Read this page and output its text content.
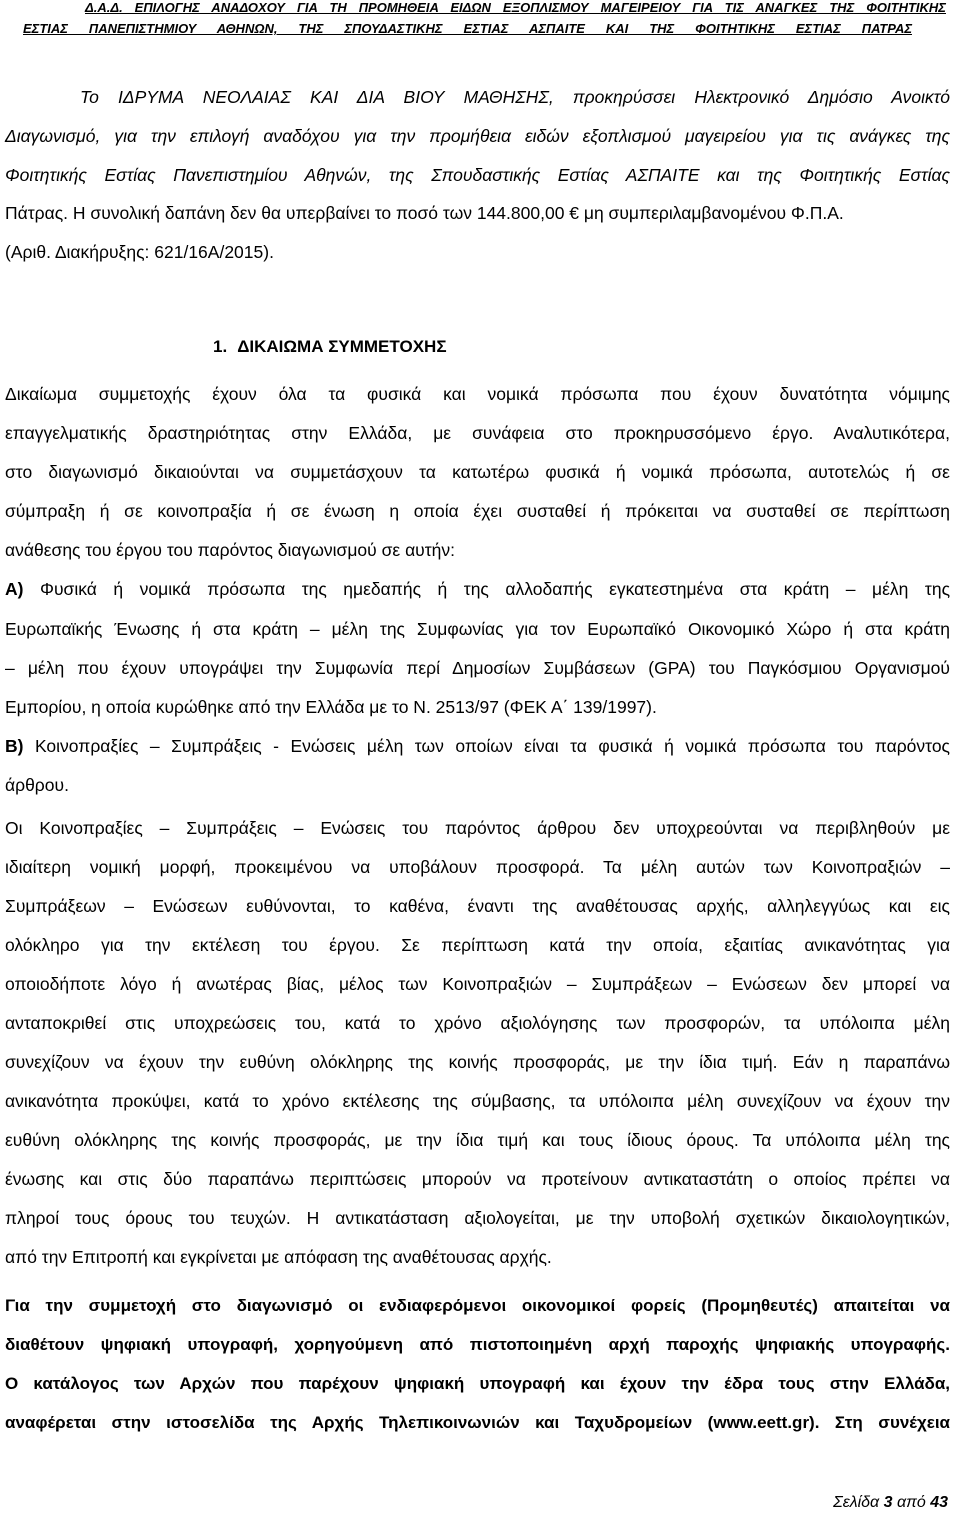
Δ.Α.Δ. ΕΠΙΛΟΓΗΣ ΑΝΑΔΟΧΟΥ ΓΙΑ ΤΗ ΠΡΟΜΗΘΕΙΑ ΕΙΔΩΝ ΕΞΟΠΛΙΣΜΟΥ ΜΑΓΕΙΡΕΙΟΥ ΓΙΑ ΤΙΣ ΑΝΑΓΚΕΣ ΤΗΣ ΦΟΙΤΗΤΙΚΗΣ
ΕΣΤΙΑΣ ΠΑΝΕΠΙΣΤΗΜΙΟΥ ΑΘΗΝΩΝ, ΤΗΣ ΣΠΟΥΔΑΣΤΙΚΗΣ ΕΣΤΙΑΣ ΑΣΠΑΙΤΕ ΚΑΙ ΤΗΣ ΦΟΙΤΗΤΙΚΗΣ ΕΣΤΙΑΣ ΠΑΤΡΑΣ
Το ΙΔΡΥΜΑ ΝΕΟΛΑΙΑΣ ΚΑΙ ΔΙΑ ΒΙΟΥ ΜΑΘΗΣΗΣ, προκηρύσσει Ηλεκτρονικό Δημόσιο Ανοικτό
Διαγωνισμό, για την επιλογή αναδόχου για την προμήθεια ειδών εξοπλισμού μαγειρείου για τις ανάγκες της
Φοιτητικής Εστίας Πανεπιστημίου Αθηνών, της Σπουδαστικής Εστίας ΑΣΠΑΙΤΕ και της Φοιτητικής Εστίας
Πάτρας. Η συνολική δαπάνη δεν θα υπερβαίνει το ποσό των 144.800,00 € μη συμπεριλαμβανομένου Φ.Π.Α.
(Αριθ. Διακήρυξης: 621/16Α/2015).
1. ΔΙΚΑΙΩΜΑ ΣΥΜΜΕΤΟΧΗΣ
Δικαίωμα συμμετοχής έχουν όλα τα φυσικά και νομικά πρόσωπα που έχουν δυνατότητα νόμιμης
επαγγελματικής δραστηριότητας στην Ελλάδα, με συνάφεια στο προκηρυσσόμενο έργο. Αναλυτικότερα,
στο διαγωνισμό δικαιούνται να συμμετάσχουν τα κατωτέρω φυσικά ή νομικά πρόσωπα, αυτοτελώς ή σε
σύμπραξη ή σε κοινοπραξία ή σε ένωση η οποία έχει συσταθεί ή πρόκειται να συσταθεί σε περίπτωση
ανάθεσης του έργου του παρόντος διαγωνισμού σε αυτήν:
Α) Φυσικά ή νομικά πρόσωπα της ημεδαπής ή της αλλοδαπής εγκατεστημένα στα κράτη – μέλη της
Ευρωπαϊκής Ένωσης ή στα κράτη – μέλη της Συμφωνίας για τον Ευρωπαϊκό Οικονομικό Χώρο ή στα κράτη
– μέλη που έχουν υπογράψει την Συμφωνία περί Δημοσίων Συμβάσεων (GPA) του Παγκόσμιου Οργανισμού
Εμπορίου, η οποία κυρώθηκε από την Ελλάδα με το Ν. 2513/97 (ΦΕΚ Α΄ 139/1997).
Β) Κοινοπραξίες – Συμπράξεις - Ενώσεις μέλη των οποίων είναι τα φυσικά ή νομικά πρόσωπα του παρόντος
άρθρου.
Οι Κοινοπραξίες – Συμπράξεις – Ενώσεις του παρόντος άρθρου δεν υποχρεούνται να περιβληθούν με
ιδιαίτερη νομική μορφή, προκειμένου να υποβάλουν προσφορά. Τα μέλη αυτών των Κοινοπραξιών –
Συμπράξεων – Ενώσεων ευθύνονται, το καθένα, έναντι της αναθέτουσας αρχής, αλληλεγγύως και εις
ολόκληρο για την εκτέλεση του έργου. Σε περίπτωση κατά την οποία, εξαιτίας ανικανότητας για
οποιοδήποτε λόγο ή ανωτέρας βίας, μέλος των Κοινοπραξιών – Συμπράξεων – Ενώσεων δεν μπορεί να
ανταποκριθεί στις υποχρεώσεις του, κατά το χρόνο αξιολόγησης των προσφορών, τα υπόλοιπα μέλη
συνεχίζουν να έχουν την ευθύνη ολόκληρης της κοινής προσφοράς, με την ίδια τιμή. Εάν η παραπάνω
ανικανότητα προκύψει, κατά το χρόνο εκτέλεσης της σύμβασης, τα υπόλοιπα μέλη συνεχίζουν να έχουν την
ευθύνη ολόκληρης της κοινής προσφοράς, με την ίδια τιμή και τους ίδιους όρους. Τα υπόλοιπα μέλη της
ένωσης και στις δύο παραπάνω περιπτώσεις μπορούν να προτείνουν αντικαταστάτη ο οποίος πρέπει να
πληροί τους όρους του τευχών. Η αντικατάσταση αξιολογείται, με την υποβολή σχετικών δικαιολογητικών,
από την Επιτροπή και εγκρίνεται με απόφαση της αναθέτουσας αρχής.
Για την συμμετοχή στο διαγωνισμό οι ενδιαφερόμενοι οικονομικοί φορείς (Προμηθευτές) απαιτείται να
διαθέτουν ψηφιακή υπογραφή, χορηγούμενη από πιστοποιημένη αρχή παροχής ψηφιακής υπογραφής.
Ο κατάλογος των Αρχών που παρέχουν ψηφιακή υπογραφή και έχουν την έδρα τους στην Ελλάδα,
αναφέρεται στην ιστοσελίδα της Αρχής Τηλεπικοινωνιών και Ταχυδρομείων (www.eett.gr). Στη συνέχεια
Σελίδα 3 από 43
